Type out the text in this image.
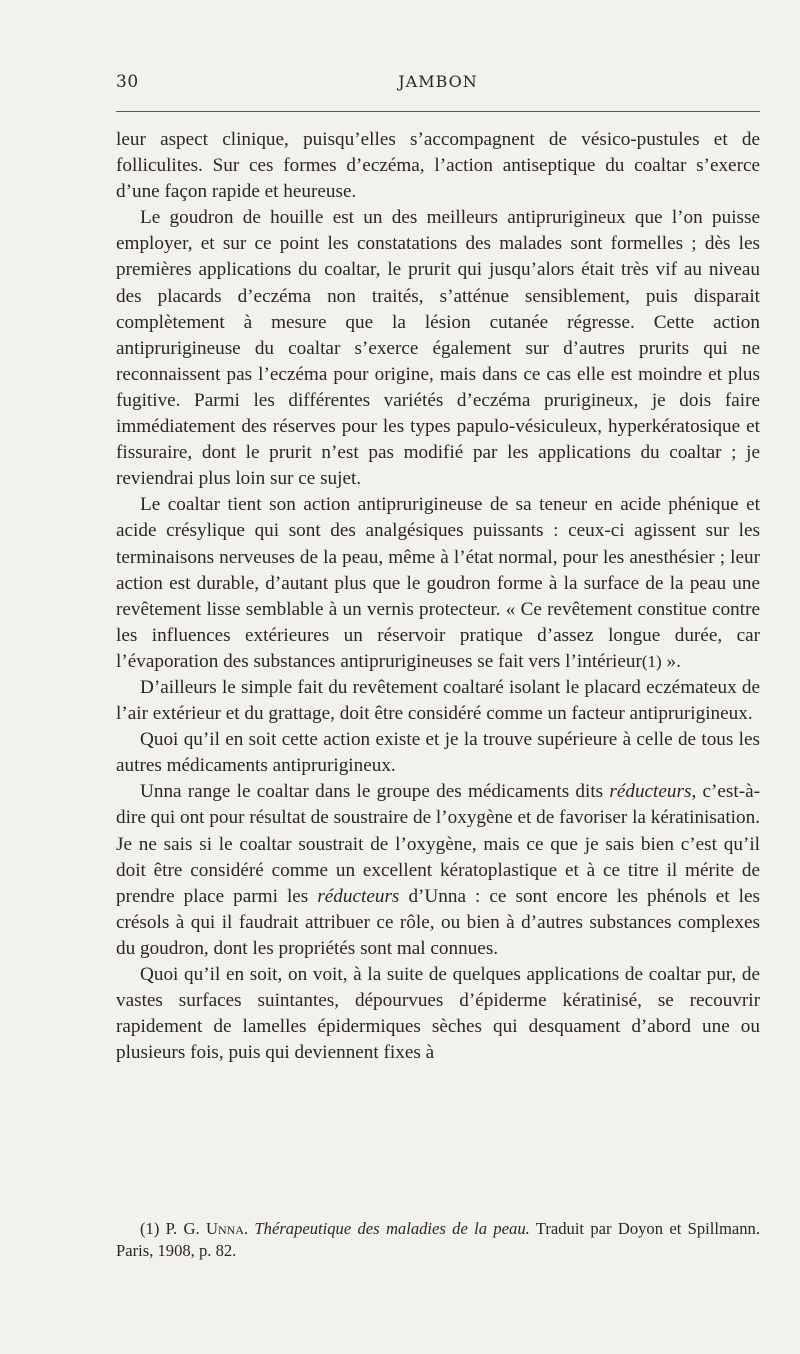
30	JAMBON

leur aspect clinique, puisqu’elles s’accompagnent de vésico-pustules et de folliculites. Sur ces formes d’eczéma, l’action antiseptique du coaltar s’exerce d’une façon rapide et heureuse.

Le goudron de houille est un des meilleurs antiprurigineux que l’on puisse employer, et sur ce point les constatations des malades sont formelles ; dès les premières applications du coaltar, le prurit qui jusqu’alors était très vif au niveau des placards d’eczéma non traités, s’atténue sensiblement, puis disparait complètement à mesure que la lésion cutanée régresse. Cette action antiprurigineuse du coaltar s’exerce également sur d’autres prurits qui ne reconnaissent pas l’eczéma pour origine, mais dans ce cas elle est moindre et plus fugitive. Parmi les différentes variétés d’eczéma prurigineux, je dois faire immédiatement des réserves pour les types papulo-vésiculeux, hyperkératosique et fissuraire, dont le prurit n’est pas modifié par les applications du coaltar ; je reviendrai plus loin sur ce sujet.

Le coaltar tient son action antiprurigineuse de sa teneur en acide phénique et acide crésylique qui sont des analgésiques puissants : ceux-ci agissent sur les terminaisons nerveuses de la peau, même à l’état normal, pour les anesthésier ; leur action est durable, d’autant plus que le goudron forme à la surface de la peau une revêtement lisse semblable à un vernis protecteur. « Ce revêtement constitue contre les influences extérieures un réservoir pratique d’assez longue durée, car l’évaporation des substances antiprurigineuses se fait vers l’intérieur(1) ».

D’ailleurs le simple fait du revêtement coaltaré isolant le placard eczémateux de l’air extérieur et du grattage, doit être considéré comme un facteur antiprurigineux.

Quoi qu’il en soit cette action existe et je la trouve supérieure à celle de tous les autres médicaments antiprurigineux.

Unna range le coaltar dans le groupe des médicaments dits réducteurs, c’est-à-dire qui ont pour résultat de soustraire de l’oxygène et de favoriser la kératinisation. Je ne sais si le coaltar soustrait de l’oxygène, mais ce que je sais bien c’est qu’il doit être considéré comme un excellent kératoplastique et à ce titre il mérite de prendre place parmi les réducteurs d’Unna : ce sont encore les phénols et les crésols à qui il faudrait attribuer ce rôle, ou bien à d’autres substances complexes du goudron, dont les propriétés sont mal connues.

Quoi qu’il en soit, on voit, à la suite de quelques applications de coaltar pur, de vastes surfaces suintantes, dépourvues d’épiderme kératinisé, se recouvrir rapidement de lamelles épidermiques sèches qui desquament d’abord une ou plusieurs fois, puis qui deviennent fixes à

(1) P. G. Unna. Thérapeutique des maladies de la peau. Traduit par Doyon et Spillmann. Paris, 1908, p. 82.
